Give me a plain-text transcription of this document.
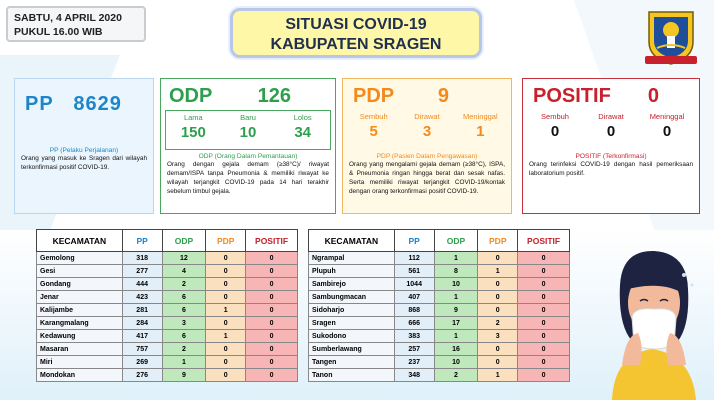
SABTU, 4 APRIL 2020
PUKUL 16.00 WIB	SITUASI COVID-19
KABUPATEN SRAGEN
PP 8629
PP (Pelaku Perjalanan)
Orang yang masuk ke Sragen dari wilayah terkonfirmasi positif COVID-19.
ODP 126
Lama
150
Baru
10
Lolos
34
ODP (Orang Dalam Pemantauan)
Orang dengan gejala demam (≥38°C)/ riwayat demam/ISPA tanpa Pneumonia & memiliki riwayat ke wilayah terjangkit COVID-19 pada 14 hari terakhir sebelum timbul gejala.
PDP 9
Sembuh
5
Dirawat
3
Meninggal
1
PDP (Pasien Dalam Pengawasan)
Orang yang mengalami gejala demam (≥38°C), ISPA, & Pneumonia ringan hingga berat dan sesak nafas. Serta memiliki riwayat terjangkit COVID-19/kontak dengan orang terkonfirmasi positif COVID-19.
POSITIF 0
Sembuh
0
Dirawat
0
Meninggal
0
POSITIF (Terkonfirmasi)
Orang terinfeksi COVID-19 dengan hasil pemeriksaan laboratorium positif.
KECAMATAN	PP	ODP	PDP	POSITIF
Gemolong	318	12	0	0
Gesi	277	4	0	0
Gondang	444	2	0	0
Jenar	423	6	0	0
Kalijambe	281	6	1	0
Karangmalang	284	3	0	0
Kedawung	417	6	1	0
Masaran	757	2	0	0
Miri	269	1	0	0
Mondokan	276	9	0	0
KECAMATAN	PP	ODP	PDP	POSITIF
Ngrampal	112	1	0	0
Plupuh	561	8	1	0
Sambirejo	1044	10	0	0
Sambungmacan	407	1	0	0
Sidoharjo	868	9	0	0
Sragen	666	17	2	0
Sukodono	383	1	3	0
Sumberlawang	257	16	0	0
Tangen	237	10	0	0
Tanon	348	2	1	0
